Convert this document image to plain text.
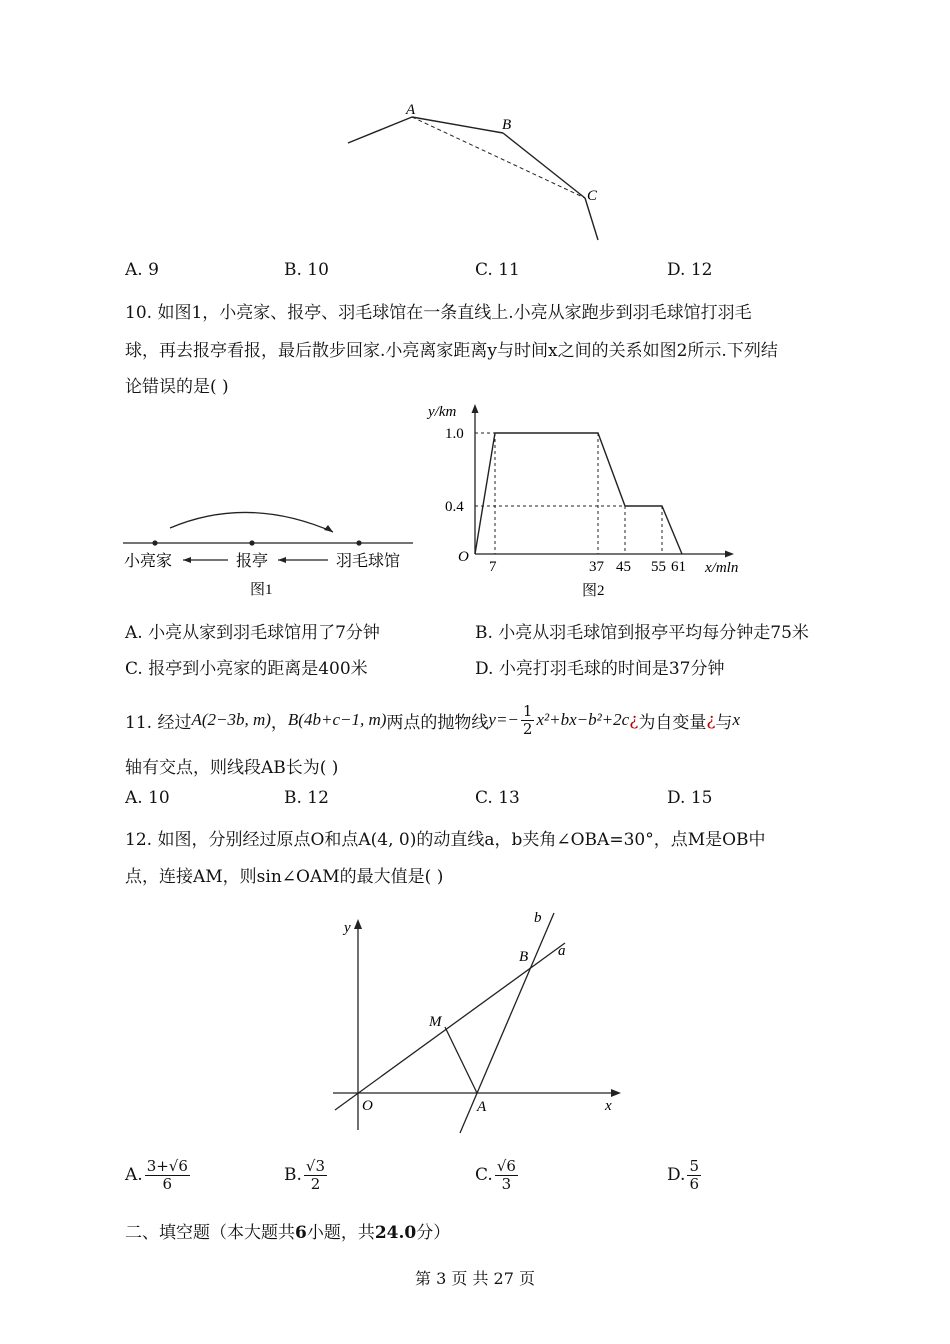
A
B
C
A. 9	B. 10	C. 11	D. 12
10. 如图1，小亮家、报亭、羽毛球馆在一条直线上.小亮从家跑步到羽毛球馆打羽毛
球，再去报亭看报，最后散步回家.小亮离家距离y与时间x之间的关系如图2所示.下列结
论错误的是( )
小亮家	报亭	羽毛球馆
图1
y/km
1.0
0.4
O
7	37 45 55 61 x/mln
图2
A. 小亮从家到羽毛球馆用了7分钟	B. 小亮从羽毛球馆到报亭平均每分钟走75米
C. 报亭到小亮家的距离是400米	D. 小亮打羽毛球的时间是37分钟
11. 经过 A(2−3b, m) ， B(4b+c−1, m) 两点的抛物线 $y=- \frac{1}{2} x^2+bx-b^2+2c$ ¿ 为自变量 ¿ 与 x
轴有交点，则线段AB长为( )
A. 10	B. 12	C. 13	D. 15
12. 如图，分别经过原点O和点A(4, 0)的动直线a，b夹角∠OBA=30°，点M是OB中
点，连接AM，则sin∠OAM的最大值是( )
y
x
O	A
B
M
a
b
A. $\frac{3+√6}{6}$	B. $\frac{√3}{2}$	C. $\frac{√6}{3}$	D. $\frac{5}{6}$
二、填空题（本大题共6小题，共24.0分）
第 3 页 共 27 页
